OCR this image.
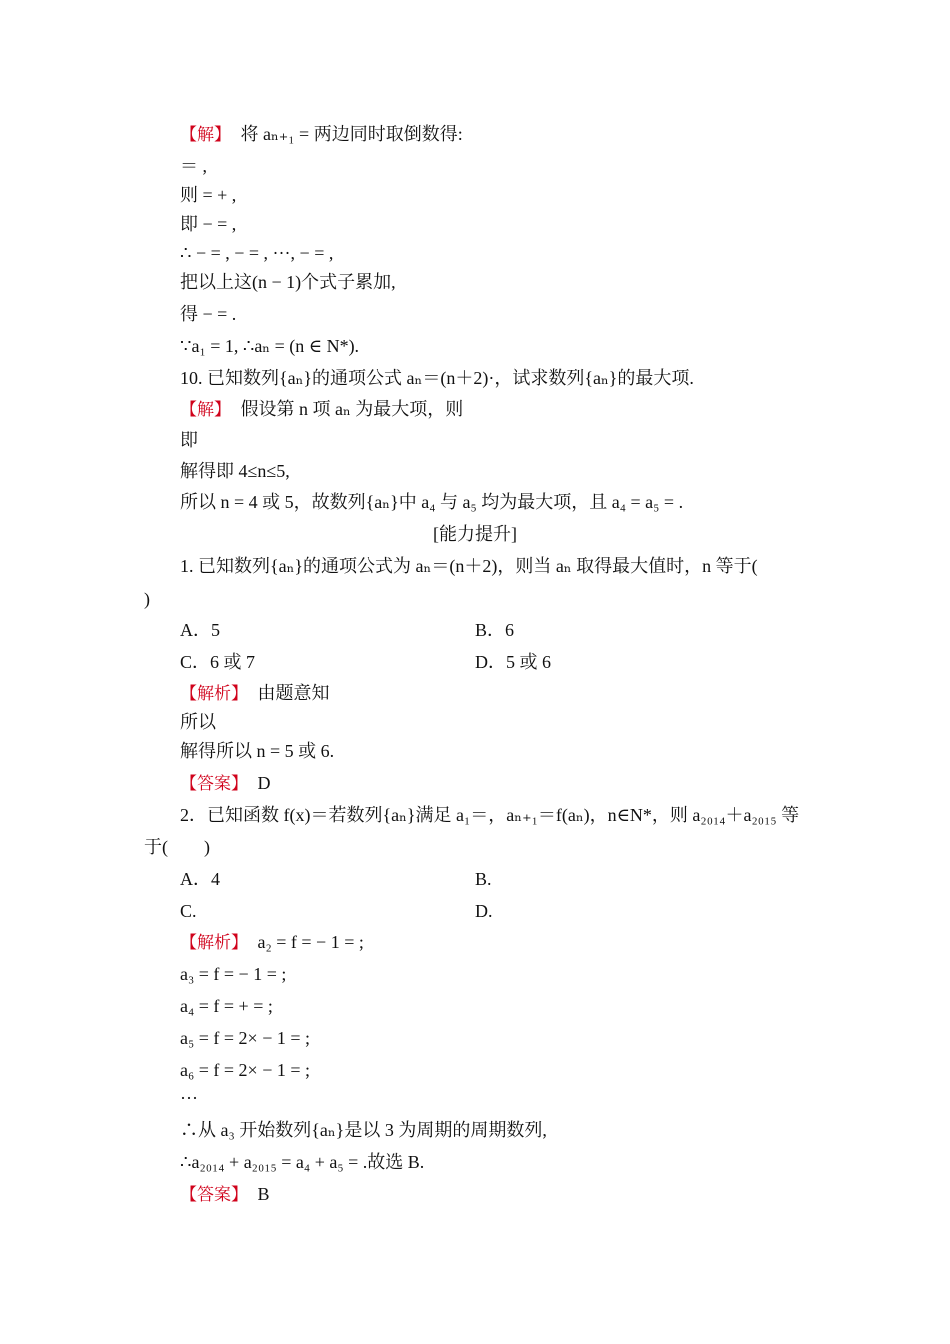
【解】　将 aₙ₊₁ = 两边同时取倒数得:
＝ ,
则 = + ,
即 − = ,
∴ − = , − = , ···, − = ,
把以上这(n − 1)个式子累加,
得 − = .
∵a₁ = 1, ∴aₙ = (n ∈ N*).
10. 已知数列{aₙ}的通项公式 aₙ＝(n＋2)·，试求数列{aₙ}的最大项.
【解】　假设第 n 项 aₙ 为最大项，则
即
解得即 4≤n≤5,
所以 n = 4 或 5，故数列{aₙ}中 a₄ 与 a₅ 均为最大项，且 a₄ = a₅ = .
[能力提升]
1. 已知数列{aₙ}的通项公式为 aₙ＝(n＋2)，则当 aₙ 取得最大值时，n 等于(
)
A．5	B．6
C．6 或 7	D．5 或 6
【解析】　由题意知
所以
解得所以 n = 5 或 6.
【答案】　D
2．已知函数 f(x)＝若数列{aₙ}满足 a₁＝，aₙ₊₁＝f(aₙ)，n∈N*，则 a₂₀₁₄＋a₂₀₁₅ 等
于(　　)
A．4	B.
C.	D.
【解析】　a₂ = f = − 1 = ;
a₃ = f = − 1 = ;
a₄ = f = + = ;
a₅ = f = 2× − 1 = ;
a₆ = f = 2× − 1 = ;
···
∴从 a₃ 开始数列{aₙ}是以 3 为周期的周期数列,
∴a₂₀₁₄ + a₂₀₁₅ = a₄ + a₅ = .故选 B.
【答案】　B
